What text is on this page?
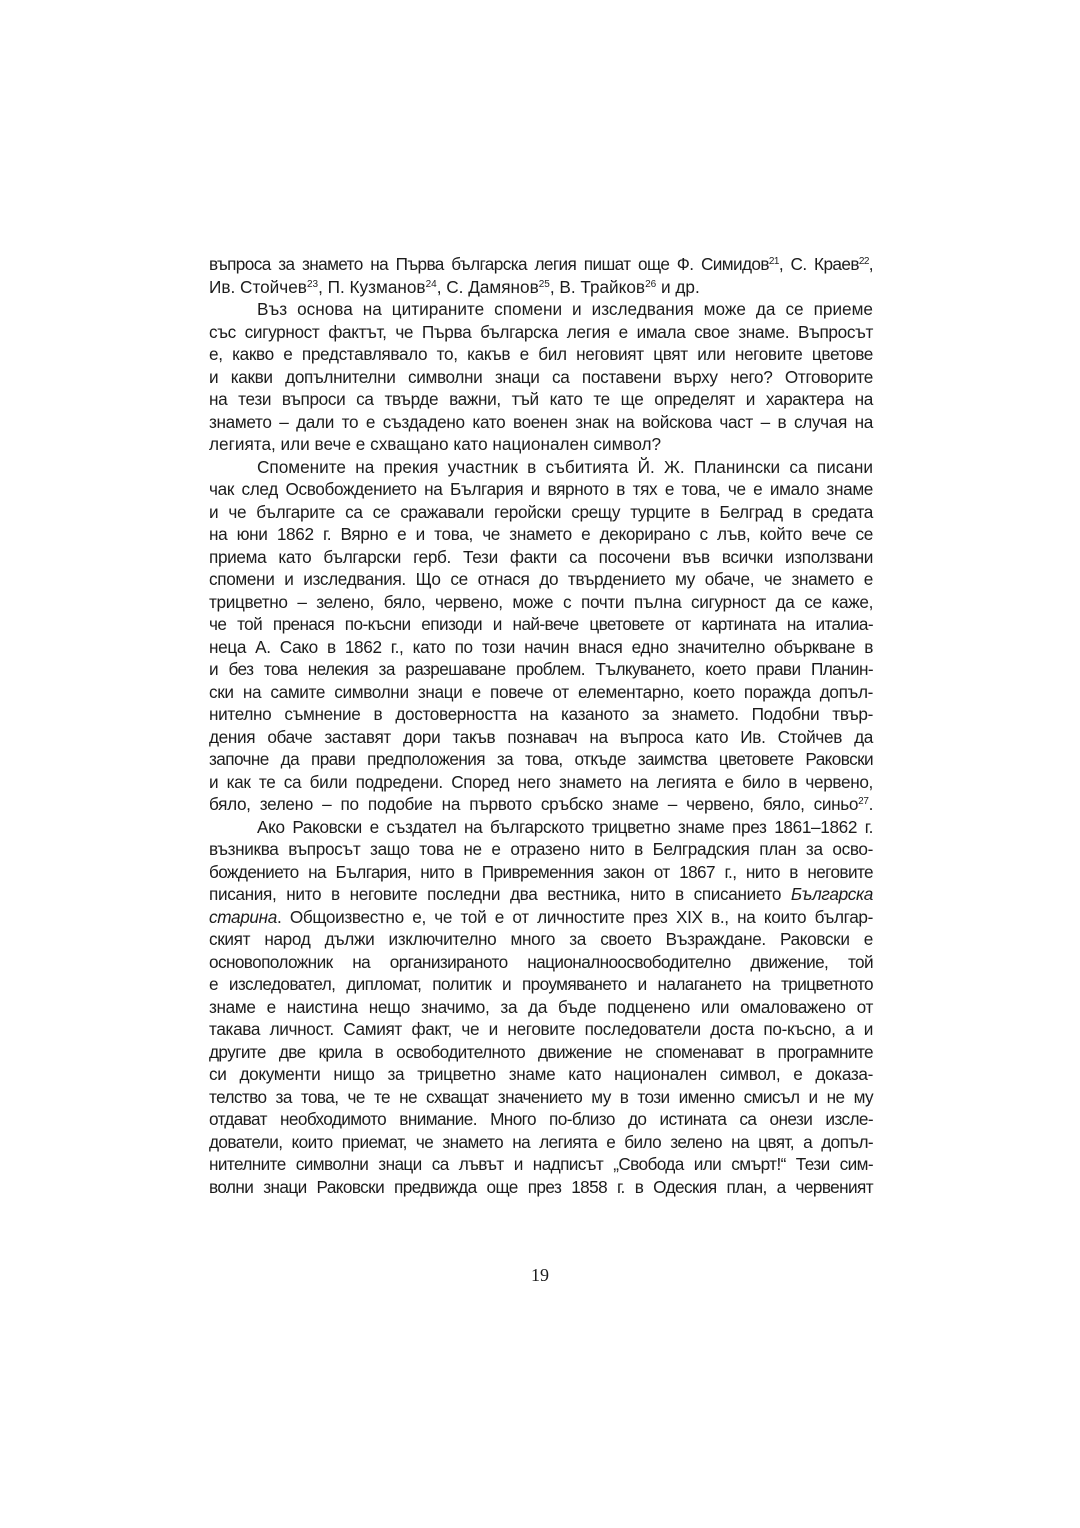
въпроса за знамето на Първа българска легия пишат още Ф. Симидов$^{21}$, С. Краев$^{22}$,
Ив. Стойчев$^{23}$, П. Кузманов$^{24}$, С. Дамянов$^{25}$, В. Трайков$^{26}$ и др.
Въз основа на цитираните спомени и изследвания може да се приеме
със сигурност фактът, че Първа българска легия е имала свое знаме. Въпросът
е, какво е представлявало то, какъв е бил неговият цвят или неговите цветове
и какви допълнителни символни знаци са поставени върху него? Отговорите
на тези въпроси са твърде важни, тъй като те ще определят и характера на
знамето – дали то е създадено като военен знак на войскова част – в случая на
легията, или вече е схващано като национален символ?
Спомените на прекия участник в събитията Й. Ж. Планински са писани
чак след Освобождението на България и вярното в тях е това, че е имало знаме
и че българите са се сражавали геройски срещу турците в Белград в средата
на юни 1862 г. Вярно е и това, че знамето е декорирано с лъв, който вече се
приема като български герб. Тези факти са посочени във всички използвани
спомени и изследвания. Що се отнася до твърдението му обаче, че знамето е
трицветно – зелено, бяло, червено, може с почти пълна сигурност да се каже,
че той пренася по-късни епизоди и най-вече цветовете от картината на италиа-
неца А. Сако в 1862 г., като по този начин внася едно значително объркване в
и без това нелекия за разрешаване проблем. Тълкуването, което прави Планин-
ски на самите символни знаци е повече от елементарно, което поражда допъл-
нително съмнение в достоверността на казаното за знамето. Подобни твър-
дения обаче заставят дори такъв познавач на въпроса като Ив. Стойчев да
започне да прави предположения за това, откъде заимства цветовете Раковски
и как те са били подредени. Според него знамето на легията е било в червено,
бяло, зелено – по подобие на първото сръбско знаме – червено, бяло, синьо$^{27}$.
Ако Раковски е създател на българското трицветно знаме през 1861–1862 г.
възниква въпросът защо това не е отразено нито в Белградския план за осво-
бождението на България, нито в Привременния закон от 1867 г., нито в неговите
писания, нито в неговите последни два вестника, нито в списанието Българска
старина. Общоизвестно е, че той е от личностите през XIX в., на които българ-
ският народ дължи изключително много за своето Възраждане. Раковски е
основоположник на организираното националноосвободително движение, той
е изследовател, дипломат, политик и проумяването и налагането на трицветното
знаме е наистина нещо значимо, за да бъде подценено или омаловажено от
такава личност. Самият факт, че и неговите последователи доста по-късно, а и
другите две крила в освободителното движение не споменават в програмните
си документи нищо за трицветно знаме като национален символ, е доказа-
телство за това, че те не схващат значението му в този именно смисъл и не му
отдават необходимото внимание. Много по-близо до истината са онези изсле-
дователи, които приемат, че знамето на легията е било зелено на цвят, а допъл-
нителните символни знаци са лъвът и надписът „Свобода или смърт!“ Тези сим-
волни знаци Раковски предвижда още през 1858 г. в Одеския план, а червеният
19
